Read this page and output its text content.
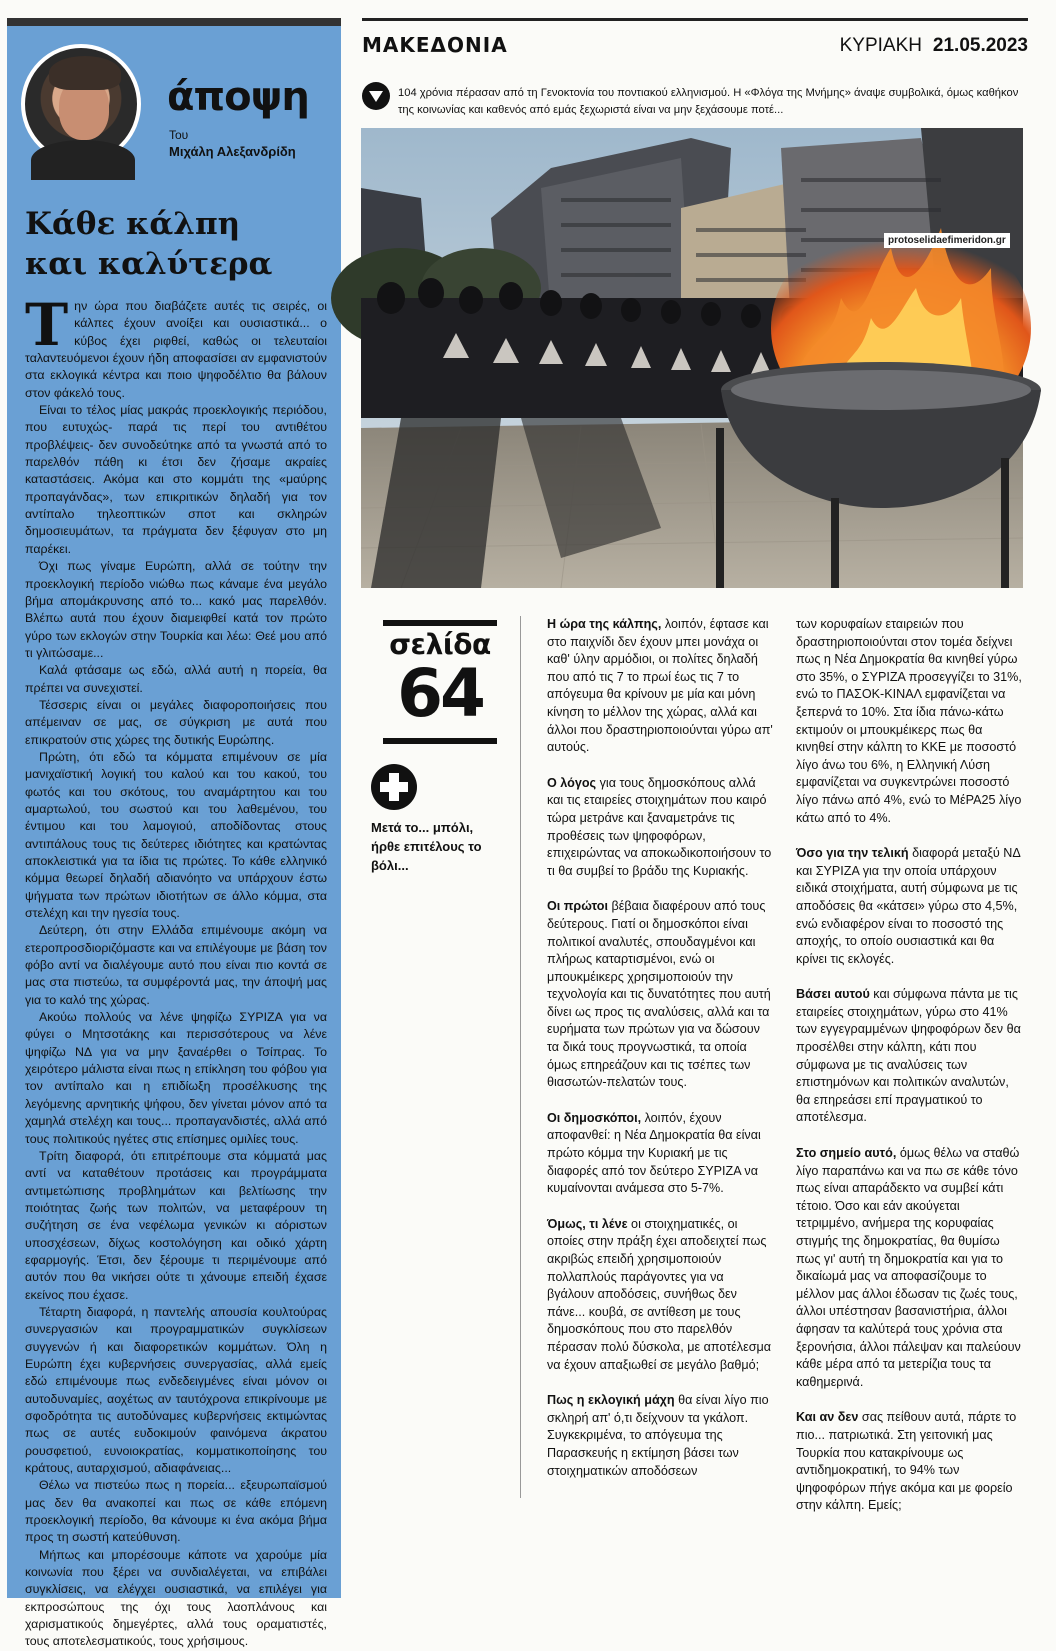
άποψη
Του
Μιχάλη Αλεξανδρίδη
Κάθε κάλπη
και καλύτερα

Την ώρα που διαβάζετε αυτές τις σειρές, οι κάλπες έχουν ανοίξει και ουσιαστικά... ο κύβος έχει ριφθεί, καθώς οι τελευταίοι ταλαντευόμενοι έχουν ήδη αποφασίσει αν εμφανιστούν στα εκλογικά κέντρα και ποιο ψηφοδέλτιο θα βάλουν στον φάκελό τους.

Είναι το τέλος μίας μακράς προεκλογικής περιόδου, που ευτυχώς- παρά τις περί του αντιθέτου προβλέψεις- δεν συνοδεύτηκε από τα γνωστά από το παρελθόν πάθη κι έτσι δεν ζήσαμε ακραίες καταστάσεις. Ακόμα και στο κομμάτι της «μαύρης προπαγάνδας», των επικριτικών δηλαδή για τον αντίπαλο τηλεοπτικών σποτ και σκληρών δημοσιευμάτων, τα πράγματα δεν ξέφυγαν στο μη παρέκει.

Όχι πως γίναμε Ευρώπη, αλλά σε τούτην την προεκλογική περίοδο νιώθω πως κάναμε ένα μεγάλο βήμα απομάκρυνσης από το... κακό μας παρελθόν. Βλέπω αυτά που έχουν διαμειφθεί κατά τον πρώτο γύρο των εκλογών στην Τουρκία και λέω: Θεέ μου από τι γλιτώσαμε...

Καλά φτάσαμε ως εδώ, αλλά αυτή η πορεία, θα πρέπει να συνεχιστεί.

Τέσσερις είναι οι μεγάλες διαφοροποιήσεις που απέμειναν σε μας, σε σύγκριση με αυτά που επικρατούν στις χώρες της δυτικής Ευρώπης.

Πρώτη, ότι εδώ τα κόμματα επιμένουν σε μία μανιχαϊστική λογική του καλού και του κακού, του φωτός και του σκότους, του αναμάρτητου και του αμαρτωλού, του σωστού και του λαθεμένου, του έντιμου και του λαμογιού, αποδίδοντας στους αντιπάλους τους τις δεύτερες ιδιότητες και κρατώντας αποκλειστικά για τα ίδια τις πρώτες. Το κάθε ελληνικό κόμμα θεωρεί δηλαδή αδιανόητο να υπάρχουν έστω ψήγματα των πρώτων ιδιοτήτων σε άλλο κόμμα, στα στελέχη και την ηγεσία τους.

Δεύτερη, ότι στην Ελλάδα επιμένουμε ακόμη να ετεροπροσδιοριζόμαστε και να επιλέγουμε με βάση τον φόβο αντί να διαλέγουμε αυτό που είναι πιο κοντά σε μας στα πιστεύω, τα συμφέροντά μας, την άποψή μας για το καλό της χώρας.

Ακούω πολλούς να λένε ψηφίζω ΣΥΡΙΖΑ για να φύγει ο Μητσοτάκης και περισσότερους να λένε ψηφίζω ΝΔ για να μην ξαναέρθει ο Τσίπρας. Το χειρότερο μάλιστα είναι πως η επίκληση του φόβου για τον αντίπαλο και η επιδίωξη προσέλκυσης της λεγόμενης αρνητικής ψήφου, δεν γίνεται μόνον από τα χαμηλά στελέχη και τους... προπαγανδιστές, αλλά από τους πολιτικούς ηγέτες στις επίσημες ομιλίες τους.

Τρίτη διαφορά, ότι επιτρέπουμε στα κόμματά μας αντί να καταθέτουν προτάσεις και προγράμματα αντιμετώπισης προβλημάτων και βελτίωσης την ποιότητας ζωής των πολιτών, να μεταφέρουν τη συζήτηση σε ένα νεφέλωμα γενικών κι αόριστων υποσχέσεων, δίχως κοστολόγηση και οδικό χάρτη εφαρμογής. Έτσι, δεν ξέρουμε τι περιμένουμε από αυτόν που θα νικήσει ούτε τι χάνουμε επειδή έχασε εκείνος που έχασε.

Τέταρτη διαφορά, η παντελής απουσία κουλτούρας συνεργασιών και προγραμματικών συγκλίσεων συγγενών ή και διαφορετικών κομμάτων. Όλη η Ευρώπη έχει κυβερνήσεις συνεργασίας, αλλά εμείς εδώ επιμένουμε πως ενδεδειγμένες είναι μόνον οι αυτοδυναμίες, αοχέτως αν ταυτόχρονα επικρίνουμε με σφοδρότητα τις αυτοδύναμες κυβερνήσεις εκτιμώντας πως σε αυτές ευδοκιμούν φαινόμενα άκρατου ρουσφετιού, ευνοιοκρατίας, κομματικοποίησης του κράτους, αυταρχισμού, αδιαφάνειας...

Θέλω να πιστεύω πως η πορεία... εξευρωπαϊσμού μας δεν θα ανακοπεί και πως σε κάθε επόμενη προεκλογική περίοδο, θα κάνουμε κι ένα ακόμα βήμα προς τη σωστή κατεύθυνση.

Μήπως και μπορέσουμε κάποτε να χαρούμε μία κοινωνία που ξέρει να συνδιαλέγεται, να επιβάλει συγκλίσεις, να ελέγχει ουσιαστικά, να επιλέγει για εκπροσώπους της όχι τους λαοπλάνους και χαρισματικούς δημεγέρτες, αλλά τους οραματιστές, τους αποτελεσματικούς, τους χρήσιμους.

ΜΑΚΕΔΟΝΙΑ	ΚΥΡΙΑΚΗ 21.05.2023
104 χρόνια πέρασαν από τη Γενοκτονία του ποντιακού ελληνισμού. Η «Φλόγα της Μνήμης» άναψε συμβολικά, όμως καθήκον της κοινωνίας και καθενός από εμάς ξεχωριστά είναι να μην ξεχάσουμε ποτέ...
protoselidaefimeridon.gr
σελίδα
64
Μετά το... μπόλι, ήρθε επιτέλους το βόλι...

Η ώρα της κάλπης, λοιπόν, έφτασε και στο παιχνίδι δεν έχουν μπει μονάχα οι καθ' ύλην αρμόδιοι, οι πολίτες δηλαδή που από τις 7 το πρωί έως τις 7 το απόγευμα θα κρίνουν με μία και μόνη κίνηση το μέλλον της χώρας, αλλά και άλλοι που δραστηριοποιούνται γύρω απ' αυτούς.

Ο λόγος για τους δημοσκόπους αλλά και τις εταιρείες στοιχημάτων που καιρό τώρα μετράνε και ξαναμετράνε τις προθέσεις των ψηφοφόρων, επιχειρώντας να αποκωδικοποιήσουν το τι θα συμβεί το βράδυ της Κυριακής.

Οι πρώτοι βέβαια διαφέρουν από τους δεύτερους. Γιατί οι δημοσκόποι είναι πολιτικοί αναλυτές, σπουδαγμένοι και πλήρως καταρτισμένοι, ενώ οι μπουκμέικερς χρησιμοποιούν την τεχνολογία και τις δυνατότητες που αυτή δίνει ως προς τις αναλύσεις, αλλά και τα ευρήματα των πρώτων για να δώσουν τα δικά τους προγνωστικά, τα οποία όμως επηρεάζουν και τις τσέπες των θιασωτών-πελατών τους.

Οι δημοσκόποι, λοιπόν, έχουν αποφανθεί: η Νέα Δημοκρατία θα είναι πρώτο κόμμα την Κυριακή με τις διαφορές από τον δεύτερο ΣΥΡΙΖΑ να κυμαίνονται ανάμεσα στο 5-7%.

Όμως, τι λένε οι στοιχηματικές, οι οποίες στην πράξη έχει αποδειχτεί πως ακριβώς επειδή χρησιμοποιούν πολλαπλούς παράγοντες για να βγάλουν αποδόσεις, συνήθως δεν πάνε... κουβά, σε αντίθεση με τους δημοσκόπους που στο παρελθόν πέρασαν πολύ δύσκολα, με αποτέλεσμα να έχουν απαξιωθεί σε μεγάλο βαθμό;

Πως η εκλογική μάχη θα είναι λίγο πιο σκληρή απ' ό,τι δείχνουν τα γκάλοπ. Συγκεκριμένα, το απόγευμα της Παρασκευής η εκτίμηση βάσει των στοιχηματικών αποδόσεων

των κορυφαίων εταιρειών που δραστηριοποιούνται στον τομέα δείχνει πως η Νέα Δημοκρατία θα κινηθεί γύρω στο 35%, ο ΣΥΡΙΖΑ προσεγγίζει το 31%, ενώ το ΠΑΣΟΚ-ΚΙΝΑΛ εμφανίζεται να ξεπερνά το 10%. Στα ίδια πάνω-κάτω εκτιμούν οι μπουκμέικερς πως θα κινηθεί στην κάλπη το ΚΚΕ με ποσοστό λίγο άνω του 6%, η Ελληνική Λύση εμφανίζεται να συγκεντρώνει ποσοστό λίγο πάνω από 4%, ενώ το ΜέΡΑ25 λίγο κάτω από το 4%.

Όσο για την τελική διαφορά μεταξύ ΝΔ και ΣΥΡΙΖΑ για την οποία υπάρχουν ειδικά στοιχήματα, αυτή σύμφωνα με τις αποδόσεις θα «κάτσει» γύρω στο 4,5%, ενώ ενδιαφέρον είναι το ποσοστό της αποχής, το οποίο ουσιαστικά και θα κρίνει τις εκλογές.

Βάσει αυτού και σύμφωνα πάντα με τις εταιρείες στοιχημάτων, γύρω στο 41% των εγγεγραμμένων ψηφοφόρων δεν θα προσέλθει στην κάλπη, κάτι που σύμφωνα με τις αναλύσεις των επιστημόνων και πολιτικών αναλυτών, θα επηρεάσει επί πραγματικού το αποτέλεσμα.

Στο σημείο αυτό, όμως θέλω να σταθώ λίγο παραπάνω και να πω σε κάθε τόνο πως είναι απαράδεκτο να συμβεί κάτι τέτοιο. Όσο και εάν ακούγεται τετριμμένο, ανήμερα της κορυφαίας στιγμής της δημοκρατίας, θα θυμίσω πως γι' αυτή τη δημοκρατία και για το δικαίωμά μας να αποφασίζουμε το μέλλον μας άλλοι έδωσαν τις ζωές τους, άλλοι υπέστησαν βασανιστήρια, άλλοι άφησαν τα καλύτερά τους χρόνια στα ξερονήσια, άλλοι πάλεψαν και παλεύουν κάθε μέρα από τα μετερίζια τους τα καθημερινά.

Και αν δεν σας πείθουν αυτά, πάρτε το πιο... πατριωτικά. Στη γειτονική μας Τουρκία που κατακρίνουμε ως αντιδημοκρατική, το 94% των ψηφοφόρων πήγε ακόμα και με φορείο στην κάλπη. Εμείς;
